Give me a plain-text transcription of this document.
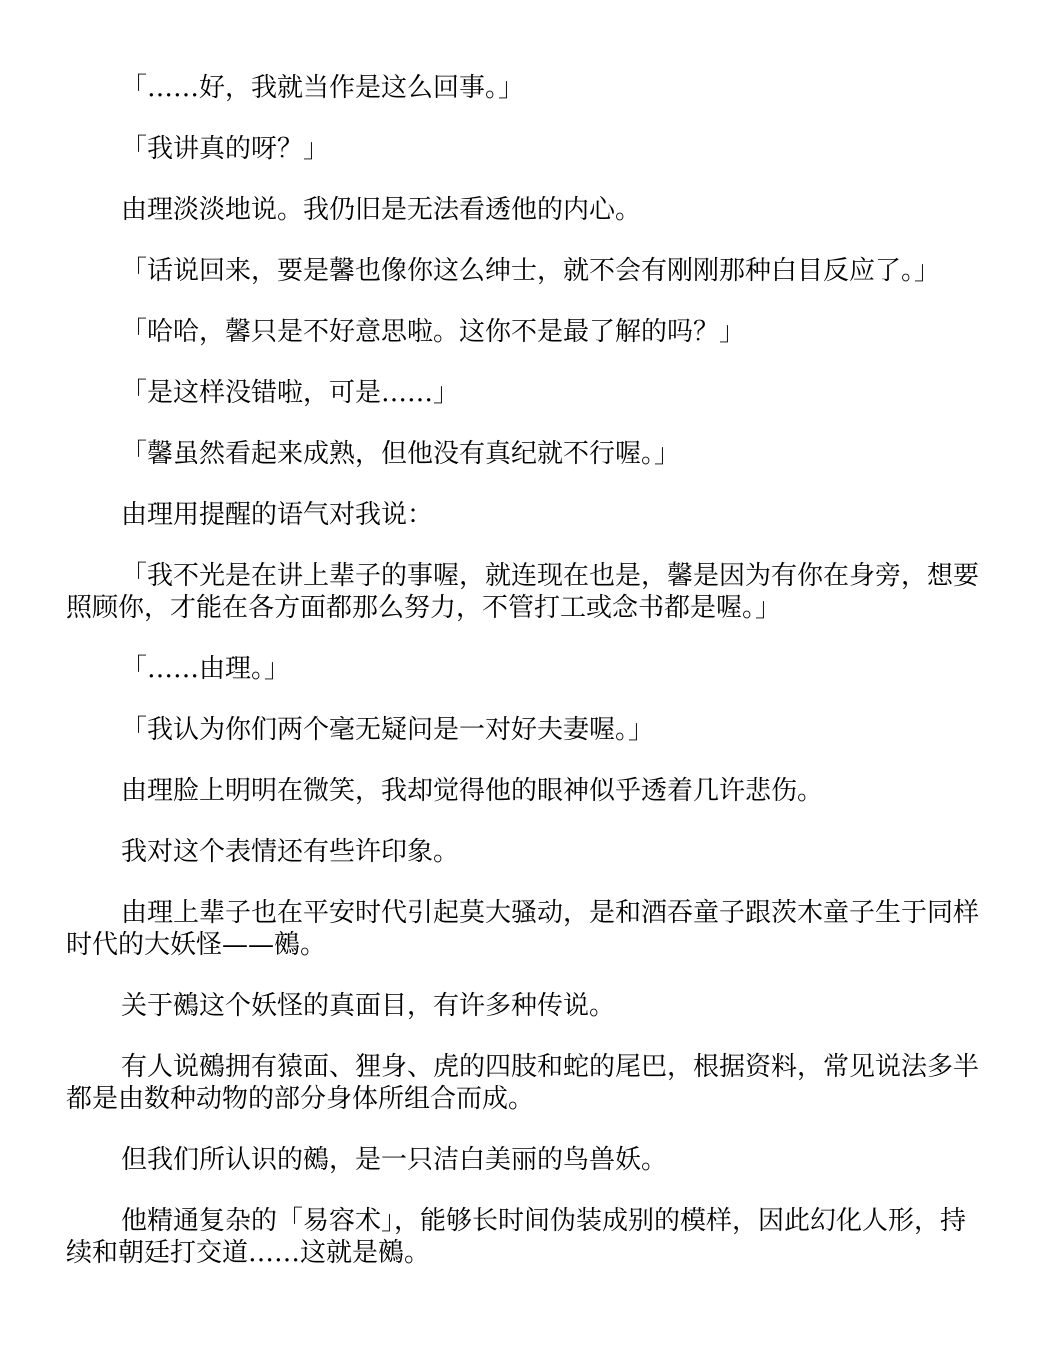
「……好，我就当作是这么回事。」

「我讲真的呀？」

由理淡淡地说。我仍旧是无法看透他的内心。

「话说回来，要是馨也像你这么绅士，就不会有刚刚那种白目反应了。」

「哈哈，馨只是不好意思啦。这你不是最了解的吗？」

「是这样没错啦，可是……」

「馨虽然看起来成熟，但他没有真纪就不行喔。」

由理用提醒的语气对我说：

「我不光是在讲上辈子的事喔，就连现在也是，馨是因为有你在身旁，想要照顾你，才能在各方面都那么努力，不管打工或念书都是喔。」

「……由理。」

「我认为你们两个毫无疑问是一对好夫妻喔。」

由理脸上明明在微笑，我却觉得他的眼神似乎透着几许悲伤。

我对这个表情还有些许印象。

由理上辈子也在平安时代引起莫大骚动，是和酒吞童子跟茨木童子生于同样时代的大妖怪——鵺。

关于鵺这个妖怪的真面目，有许多种传说。

有人说鵺拥有猿面、狸身、虎的四肢和蛇的尾巴，根据资料，常见说法多半都是由数种动物的部分身体所组合而成。

但我们所认识的鵺，是一只洁白美丽的鸟兽妖。

他精通复杂的「易容术」，能够长时间伪装成别的模样，因此幻化人形，持续和朝廷打交道……这就是鵺。
